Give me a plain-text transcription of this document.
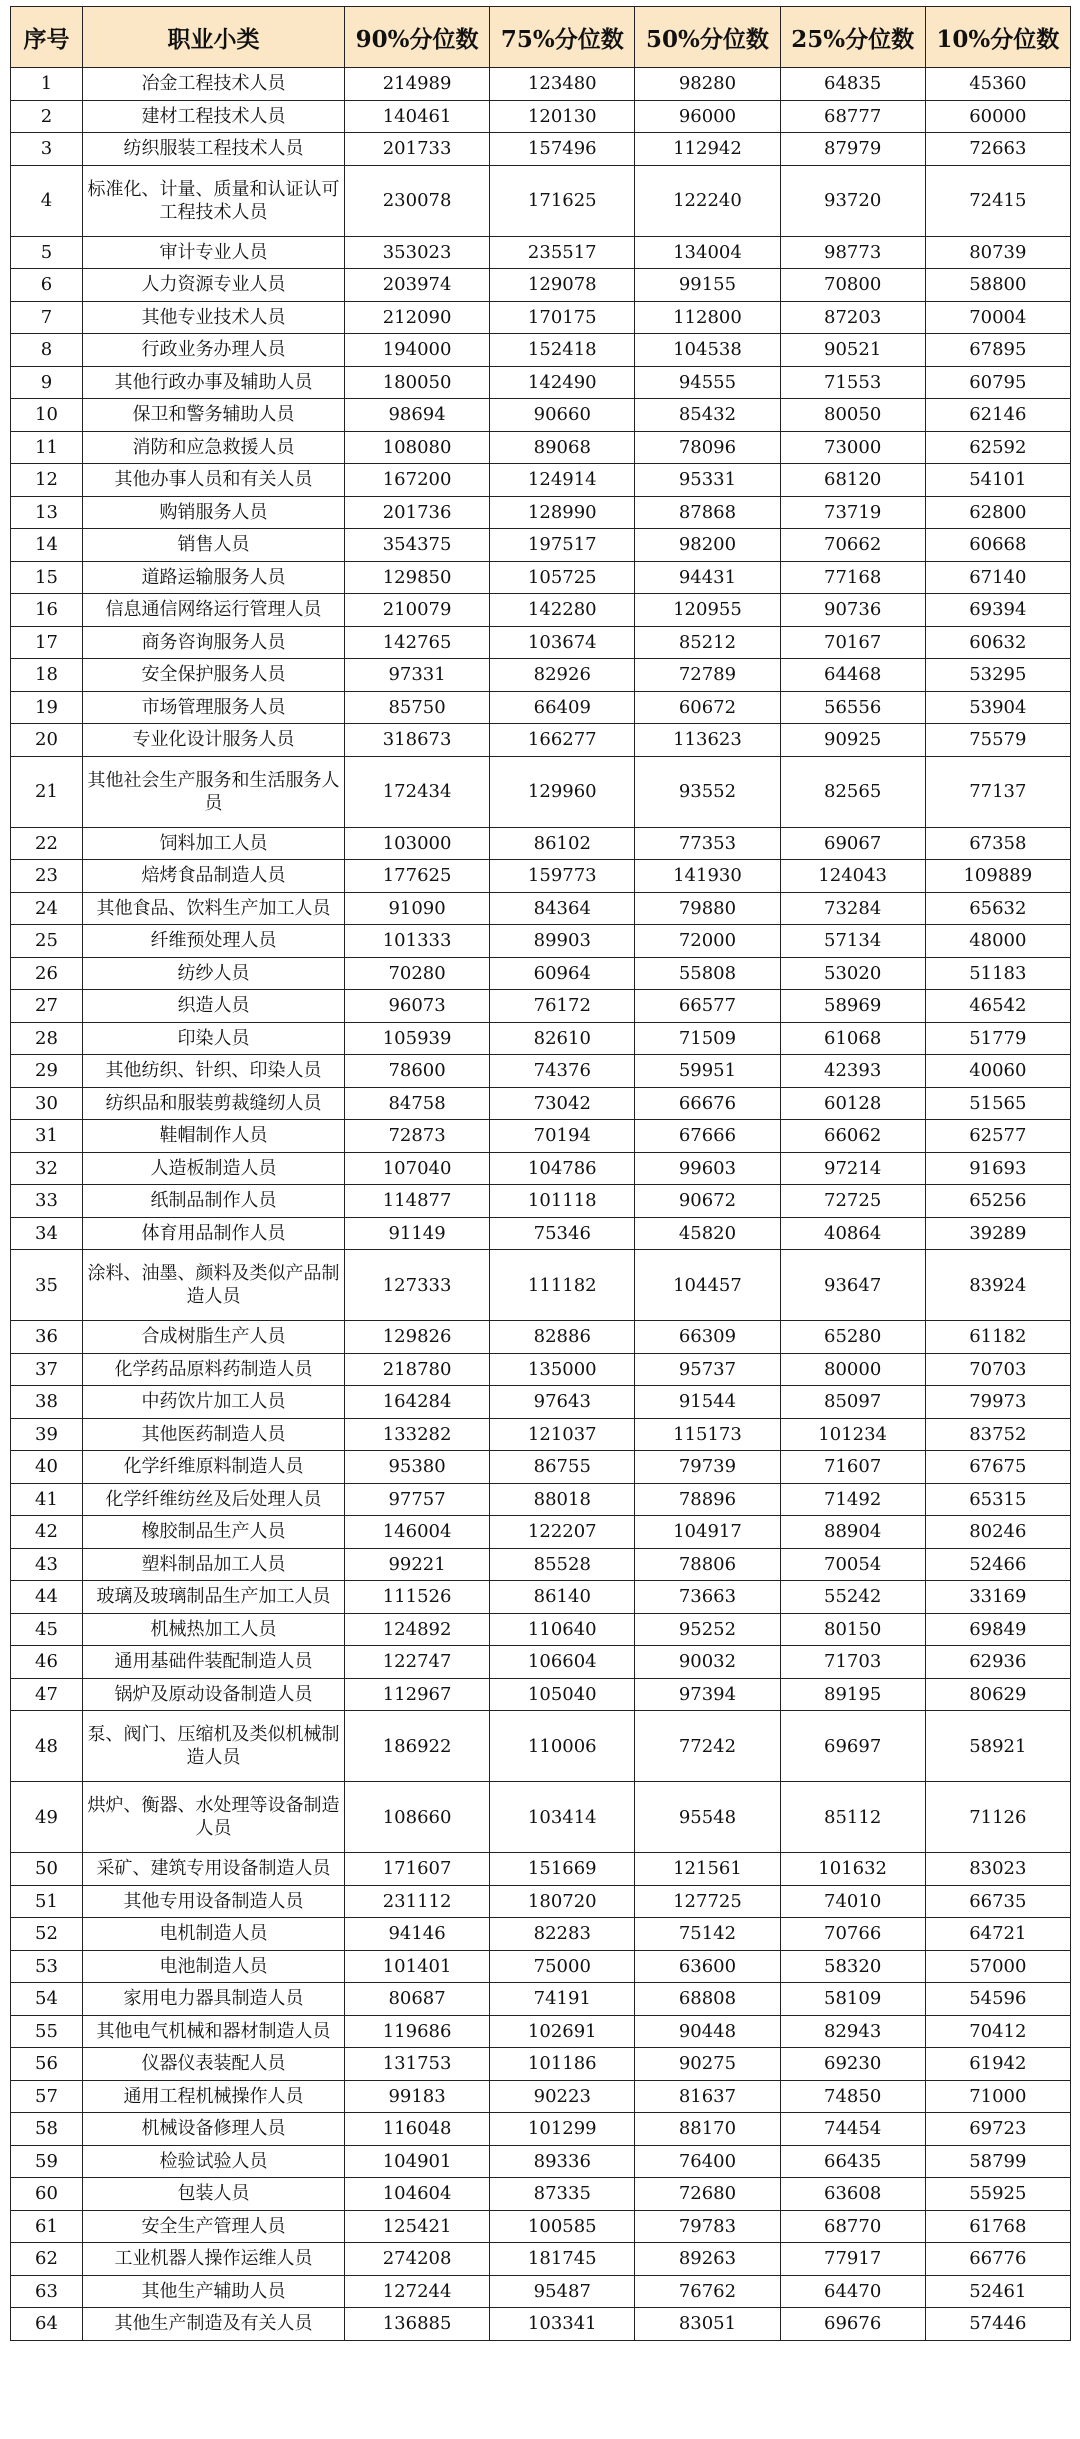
序号	职业小类	90%分位数	75%分位数	50%分位数	25%分位数	10%分位数
1	冶金工程技术人员	214989	123480	98280	64835	45360
2	建材工程技术人员	140461	120130	96000	68777	60000
3	纺织服装工程技术人员	201733	157496	112942	87979	72663
4	标准化、计量、质量和认证认可工程技术人员	230078	171625	122240	93720	72415
5	审计专业人员	353023	235517	134004	98773	80739
6	人力资源专业人员	203974	129078	99155	70800	58800
7	其他专业技术人员	212090	170175	112800	87203	70004
8	行政业务办理人员	194000	152418	104538	90521	67895
9	其他行政办事及辅助人员	180050	142490	94555	71553	60795
10	保卫和警务辅助人员	98694	90660	85432	80050	62146
11	消防和应急救援人员	108080	89068	78096	73000	62592
12	其他办事人员和有关人员	167200	124914	95331	68120	54101
13	购销服务人员	201736	128990	87868	73719	62800
14	销售人员	354375	197517	98200	70662	60668
15	道路运输服务人员	129850	105725	94431	77168	67140
16	信息通信网络运行管理人员	210079	142280	120955	90736	69394
17	商务咨询服务人员	142765	103674	85212	70167	60632
18	安全保护服务人员	97331	82926	72789	64468	53295
19	市场管理服务人员	85750	66409	60672	56556	53904
20	专业化设计服务人员	318673	166277	113623	90925	75579
21	其他社会生产服务和生活服务人员	172434	129960	93552	82565	77137
22	饲料加工人员	103000	86102	77353	69067	67358
23	焙烤食品制造人员	177625	159773	141930	124043	109889
24	其他食品、饮料生产加工人员	91090	84364	79880	73284	65632
25	纤维预处理人员	101333	89903	72000	57134	48000
26	纺纱人员	70280	60964	55808	53020	51183
27	织造人员	96073	76172	66577	58969	46542
28	印染人员	105939	82610	71509	61068	51779
29	其他纺织、针织、印染人员	78600	74376	59951	42393	40060
30	纺织品和服装剪裁缝纫人员	84758	73042	66676	60128	51565
31	鞋帽制作人员	72873	70194	67666	66062	62577
32	人造板制造人员	107040	104786	99603	97214	91693
33	纸制品制作人员	114877	101118	90672	72725	65256
34	体育用品制作人员	91149	75346	45820	40864	39289
35	涂料、油墨、颜料及类似产品制造人员	127333	111182	104457	93647	83924
36	合成树脂生产人员	129826	82886	66309	65280	61182
37	化学药品原料药制造人员	218780	135000	95737	80000	70703
38	中药饮片加工人员	164284	97643	91544	85097	79973
39	其他医药制造人员	133282	121037	115173	101234	83752
40	化学纤维原料制造人员	95380	86755	79739	71607	67675
41	化学纤维纺丝及后处理人员	97757	88018	78896	71492	65315
42	橡胶制品生产人员	146004	122207	104917	88904	80246
43	塑料制品加工人员	99221	85528	78806	70054	52466
44	玻璃及玻璃制品生产加工人员	111526	86140	73663	55242	33169
45	机械热加工人员	124892	110640	95252	80150	69849
46	通用基础件装配制造人员	122747	106604	90032	71703	62936
47	锅炉及原动设备制造人员	112967	105040	97394	89195	80629
48	泵、阀门、压缩机及类似机械制造人员	186922	110006	77242	69697	58921
49	烘炉、衡器、水处理等设备制造人员	108660	103414	95548	85112	71126
50	采矿、建筑专用设备制造人员	171607	151669	121561	101632	83023
51	其他专用设备制造人员	231112	180720	127725	74010	66735
52	电机制造人员	94146	82283	75142	70766	64721
53	电池制造人员	101401	75000	63600	58320	57000
54	家用电力器具制造人员	80687	74191	68808	58109	54596
55	其他电气机械和器材制造人员	119686	102691	90448	82943	70412
56	仪器仪表装配人员	131753	101186	90275	69230	61942
57	通用工程机械操作人员	99183	90223	81637	74850	71000
58	机械设备修理人员	116048	101299	88170	74454	69723
59	检验试验人员	104901	89336	76400	66435	58799
60	包装人员	104604	87335	72680	63608	55925
61	安全生产管理人员	125421	100585	79783	68770	61768
62	工业机器人操作运维人员	274208	181745	89263	77917	66776
63	其他生产辅助人员	127244	95487	76762	64470	52461
64	其他生产制造及有关人员	136885	103341	83051	69676	57446
